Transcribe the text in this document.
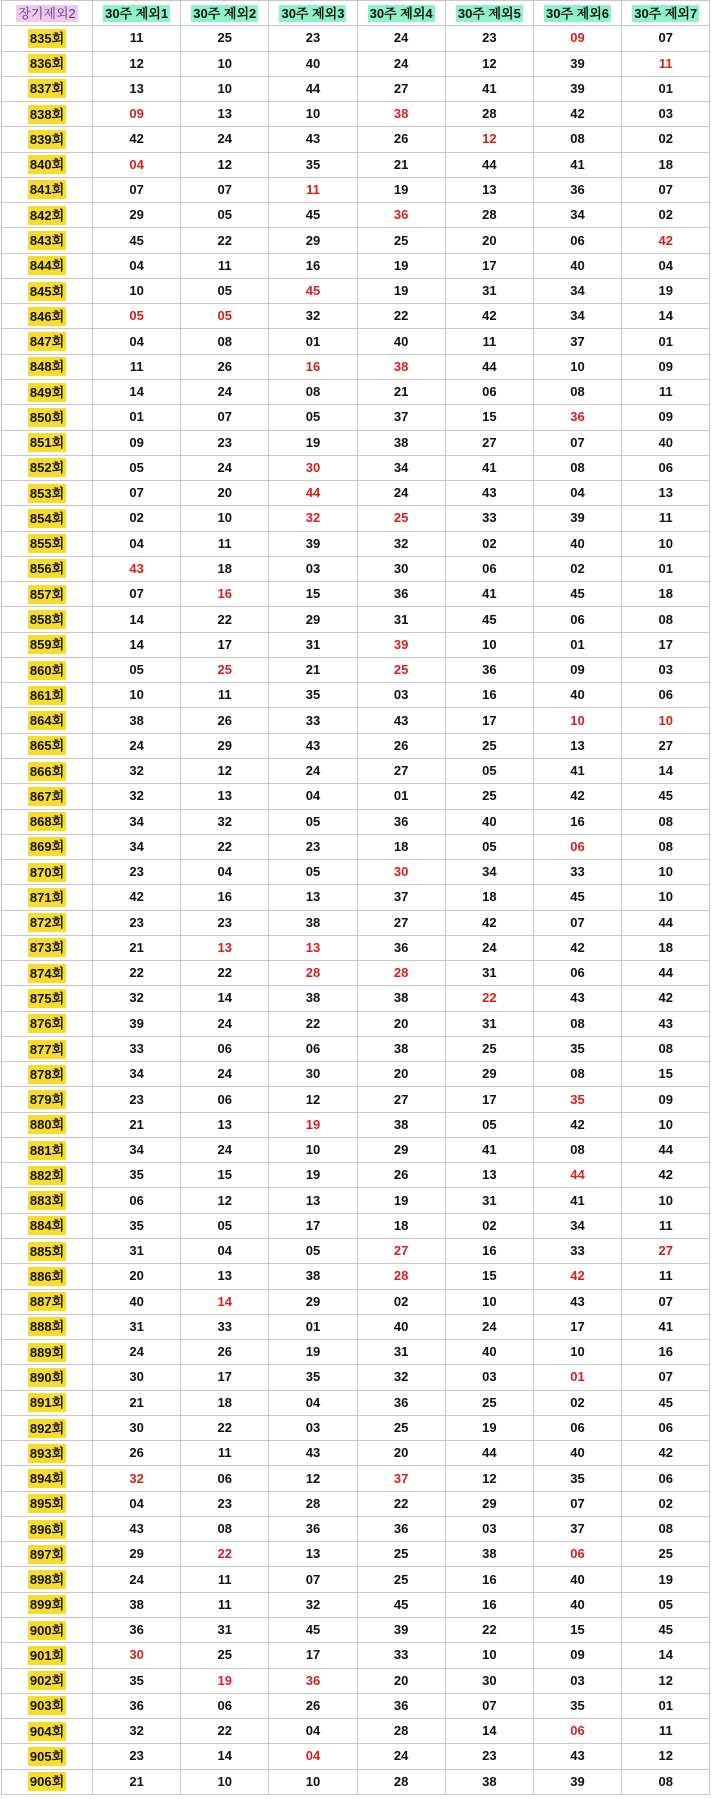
장기제외2	30주 제외1	30주 제외2	30주 제외3	30주 제외4	30주 제외5	30주 제외6	30주 제외7
835회	11	25	23	24	23	09	07
836회	12	10	40	24	12	39	11
837회	13	10	44	27	41	39	01
838회	09	13	10	38	28	42	03
839회	42	24	43	26	12	08	02
840회	04	12	35	21	44	41	18
841회	07	07	11	19	13	36	07
842회	29	05	45	36	28	34	02
843회	45	22	29	25	20	06	42
844회	04	11	16	19	17	40	04
845회	10	05	45	19	31	34	19
846회	05	05	32	22	42	34	14
847회	04	08	01	40	11	37	01
848회	11	26	16	38	44	10	09
849회	14	24	08	21	06	08	11
850회	01	07	05	37	15	36	09
851회	09	23	19	38	27	07	40
852회	05	24	30	34	41	08	06
853회	07	20	44	24	43	04	13
854회	02	10	32	25	33	39	11
855회	04	11	39	32	02	40	10
856회	43	18	03	30	06	02	01
857회	07	16	15	36	41	45	18
858회	14	22	29	31	45	06	08
859회	14	17	31	39	10	01	17
860회	05	25	21	25	36	09	03
861회	10	11	35	03	16	40	06
864회	38	26	33	43	17	10	10
865회	24	29	43	26	25	13	27
866회	32	12	24	27	05	41	14
867회	32	13	04	01	25	42	45
868회	34	32	05	36	40	16	08
869회	34	22	23	18	05	06	08
870회	23	04	05	30	34	33	10
871회	42	16	13	37	18	45	10
872회	23	23	38	27	42	07	44
873회	21	13	13	36	24	42	18
874회	22	22	28	28	31	06	44
875회	32	14	38	38	22	43	42
876회	39	24	22	20	31	08	43
877회	33	06	06	38	25	35	08
878회	34	24	30	20	29	08	15
879회	23	06	12	27	17	35	09
880회	21	13	19	38	05	42	10
881회	34	24	10	29	41	08	44
882회	35	15	19	26	13	44	42
883회	06	12	13	19	31	41	10
884회	35	05	17	18	02	34	11
885회	31	04	05	27	16	33	27
886회	20	13	38	28	15	42	11
887회	40	14	29	02	10	43	07
888회	31	33	01	40	24	17	41
889회	24	26	19	31	40	10	16
890회	30	17	35	32	03	01	07
891회	21	18	04	36	25	02	45
892회	30	22	03	25	19	06	06
893회	26	11	43	20	44	40	42
894회	32	06	12	37	12	35	06
895회	04	23	28	22	29	07	02
896회	43	08	36	36	03	37	08
897회	29	22	13	25	38	06	25
898회	24	11	07	25	16	40	19
899회	38	11	32	45	16	40	05
900회	36	31	45	39	22	15	45
901회	30	25	17	33	10	09	14
902회	35	19	36	20	30	03	12
903회	36	06	26	36	07	35	01
904회	32	22	04	28	14	06	11
905회	23	14	04	24	23	43	12
906회	21	10	10	28	38	39	08
